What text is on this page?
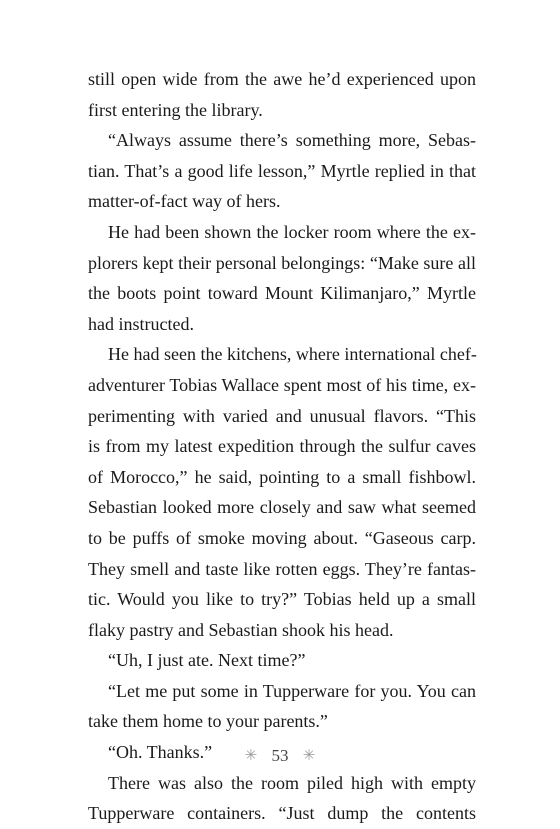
still open wide from the awe he’d experienced upon
first entering the library.
“Always assume there’s something more, Sebas-
tian. That’s a good life lesson,” Myrtle replied in that
matter-of-fact way of hers.
He had been shown the locker room where the ex-
plorers kept their personal belongings: “Make sure all
the boots point toward Mount Kilimanjaro,” Myrtle
had instructed.
He had seen the kitchens, where international chef-
adventurer Tobias Wallace spent most of his time, ex-
perimenting with varied and unusual flavors. “This
is from my latest expedition through the sulfur caves
of Morocco,” he said, pointing to a small fishbowl.
Sebastian looked more closely and saw what seemed
to be puffs of smoke moving about. “Gaseous carp.
They smell and taste like rotten eggs. They’re fantas-
tic. Would you like to try?” Tobias held up a small
flaky pastry and Sebastian shook his head.
“Uh, I just ate. Next time?”
“Let me put some in Tupperware for you. You can
take them home to your parents.”
“Oh. Thanks.”
There was also the room piled high with empty
Tupperware containers. “Just dump the contents
✳ 53 ✳
